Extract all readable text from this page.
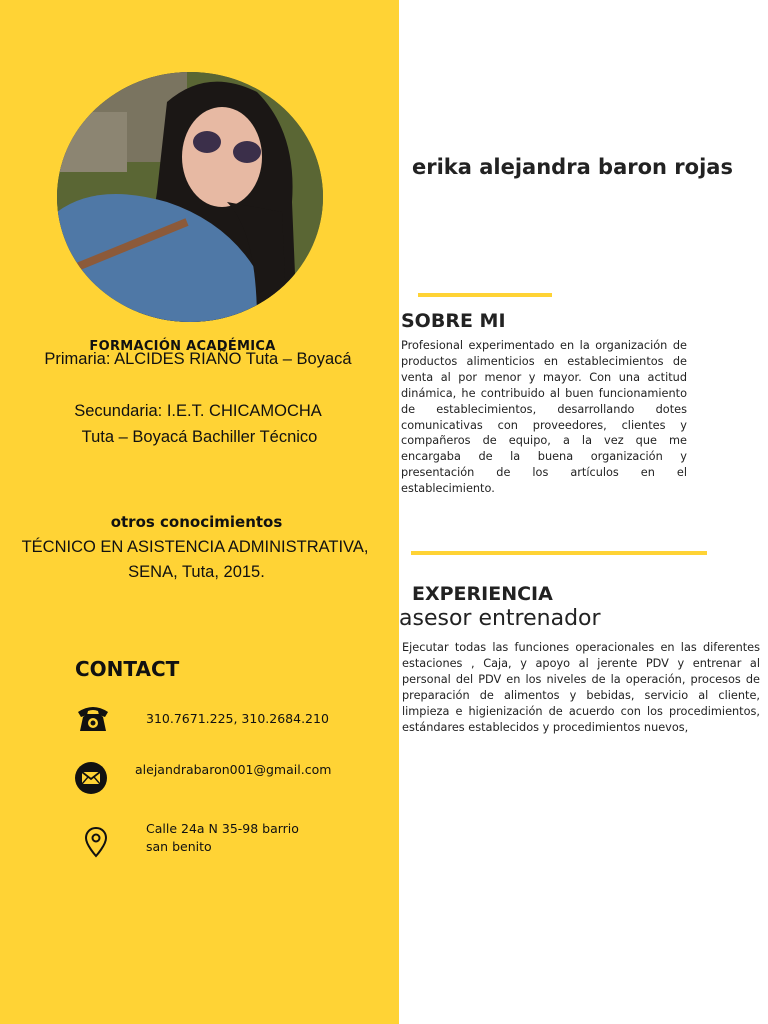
FORMACIÓN ACADÉMICA

Primaria: ALCIDES RIAÑO Tuta – Boyacá

Secundaria: I.E.T. CHICAMOCHA

Tuta – Boyacá Bachiller Técnico

otros conocimientos

TÉCNICO EN ASISTENCIA ADMINISTRATIVA,

SENA, Tuta, 2015.

CONTACT

310.7671.225, 310.2684.210

alejandrabaron001@gmail.com

Calle 24a N 35-98 barrio

san benito

erika alejandra baron rojas
SOBRE MI

Profesional experimentado en la organización de productos alimenticios en establecimientos de venta al por menor y mayor. Con una actitud dinámica, he contribuido al buen funcionamiento de establecimientos, desarrollando dotes comunicativas con proveedores, clientes y compañeros de equipo, a la vez que me encargaba de la buena organización y presentación de los artículos en el establecimiento.

EXPERIENCIA

asesor entrenador

Ejecutar todas las funciones operacionales en las diferentes estaciones , Caja, y apoyo al jerente PDV y entrenar al personal del PDV en los niveles de la operación, procesos de preparación de alimentos y bebidas, servicio al cliente, limpieza e higienización de acuerdo con los procedimientos, estándares establecidos y procedimientos nuevos,
